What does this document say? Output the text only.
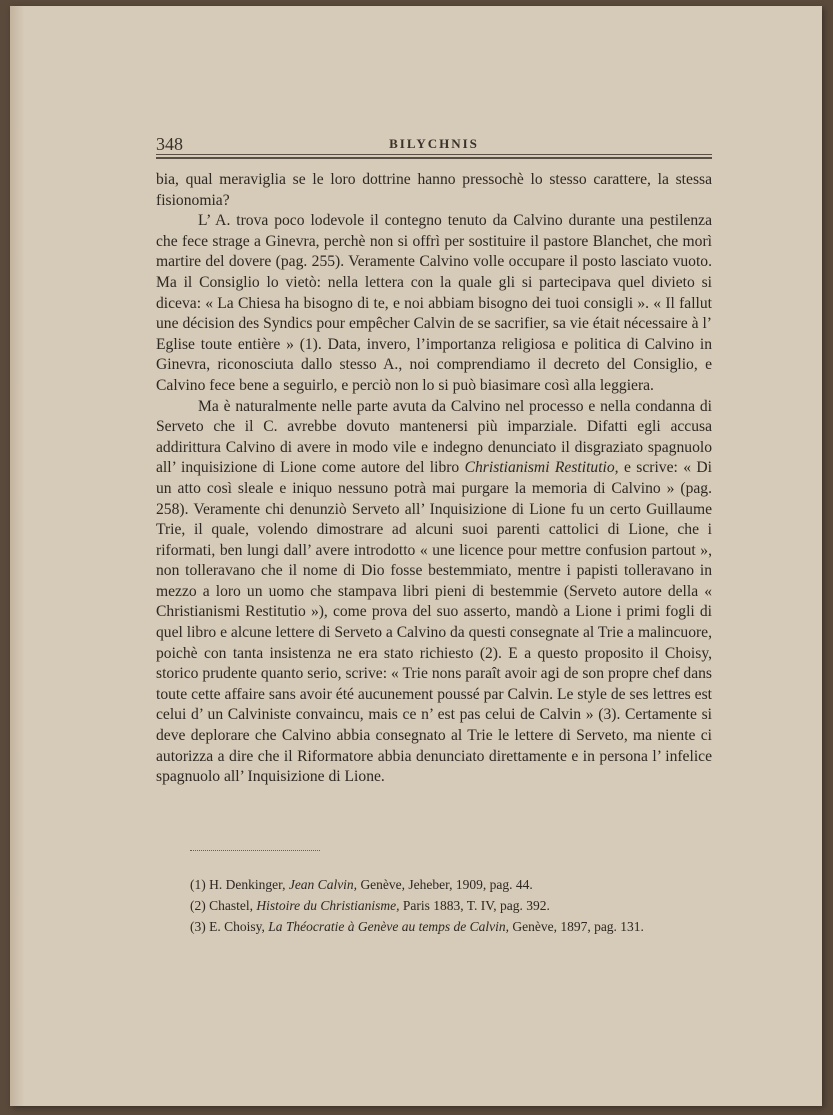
348	BILYCHNIS

bia, qual meraviglia se le loro dottrine hanno pressochè lo stesso carattere, la stessa fisionomia?

L’ A. trova poco lodevole il contegno tenuto da Calvino durante una pestilenza che fece strage a Ginevra, perchè non si offrì per sostituire il pastore Blanchet, che morì martire del dovere (pag. 255). Veramente Calvino volle occupare il posto lasciato vuoto. Ma il Consiglio lo vietò: nella lettera con la quale gli si partecipava quel divieto si diceva: « La Chiesa ha bisogno di te, e noi abbiam bisogno dei tuoi consigli ». « Il fallut une décision des Syndics pour empêcher Calvin de se sacrifier, sa vie était nécessaire à l’ Eglise toute entière » (1). Data, invero, l’importanza religiosa e politica di Calvino in Ginevra, riconosciuta dallo stesso A., noi comprendiamo il decreto del Consiglio, e Calvino fece bene a seguirlo, e perciò non lo si può biasimare così alla leggiera.

Ma è naturalmente nelle parte avuta da Calvino nel processo e nella condanna di Serveto che il C. avrebbe dovuto mantenersi più imparziale. Difatti egli accusa addirittura Calvino di avere in modo vile e indegno denunciato il disgraziato spagnuolo all’ inquisizione di Lione come autore del libro Christianismi Restitutio, e scrive: « Di un atto così sleale e iniquo nessuno potrà mai purgare la memoria di Calvino » (pag. 258). Veramente chi denunziò Serveto all’ Inquisizione di Lione fu un certo Guillaume Trie, il quale, volendo dimostrare ad alcuni suoi parenti cattolici di Lione, che i riformati, ben lungi dall’ avere introdotto « une licence pour mettre confusion partout », non tolleravano che il nome di Dio fosse bestemmiato, mentre i papisti tolleravano in mezzo a loro un uomo che stampava libri pieni di bestemmie (Serveto autore della « Christianismi Restitutio »), come prova del suo asserto, mandò a Lione i primi fogli di quel libro e alcune lettere di Serveto a Calvino da questi consegnate al Trie a malincuore, poichè con tanta insistenza ne era stato richiesto (2). E a questo proposito il Choisy, storico prudente quanto serio, scrive: « Trie nons paraît avoir agi de son propre chef dans toute cette affaire sans avoir été aucunement poussé par Calvin. Le style de ses lettres est celui d’ un Calviniste convaincu, mais ce n’ est pas celui de Calvin » (3). Certamente si deve deplorare che Calvino abbia consegnato al Trie le lettere di Serveto, ma niente ci autorizza a dire che il Riformatore abbia denunciato direttamente e in persona l’ infelice spagnuolo all’ Inquisizione di Lione.

(1) H. Denkinger, Jean Calvin, Genève, Jeheber, 1909, pag. 44.
(2) Chastel, Histoire du Christianisme, Paris 1883, T. IV, pag. 392.
(3) E. Choisy, La Théocratie à Genève au temps de Calvin, Genève, 1897, pag. 131.
